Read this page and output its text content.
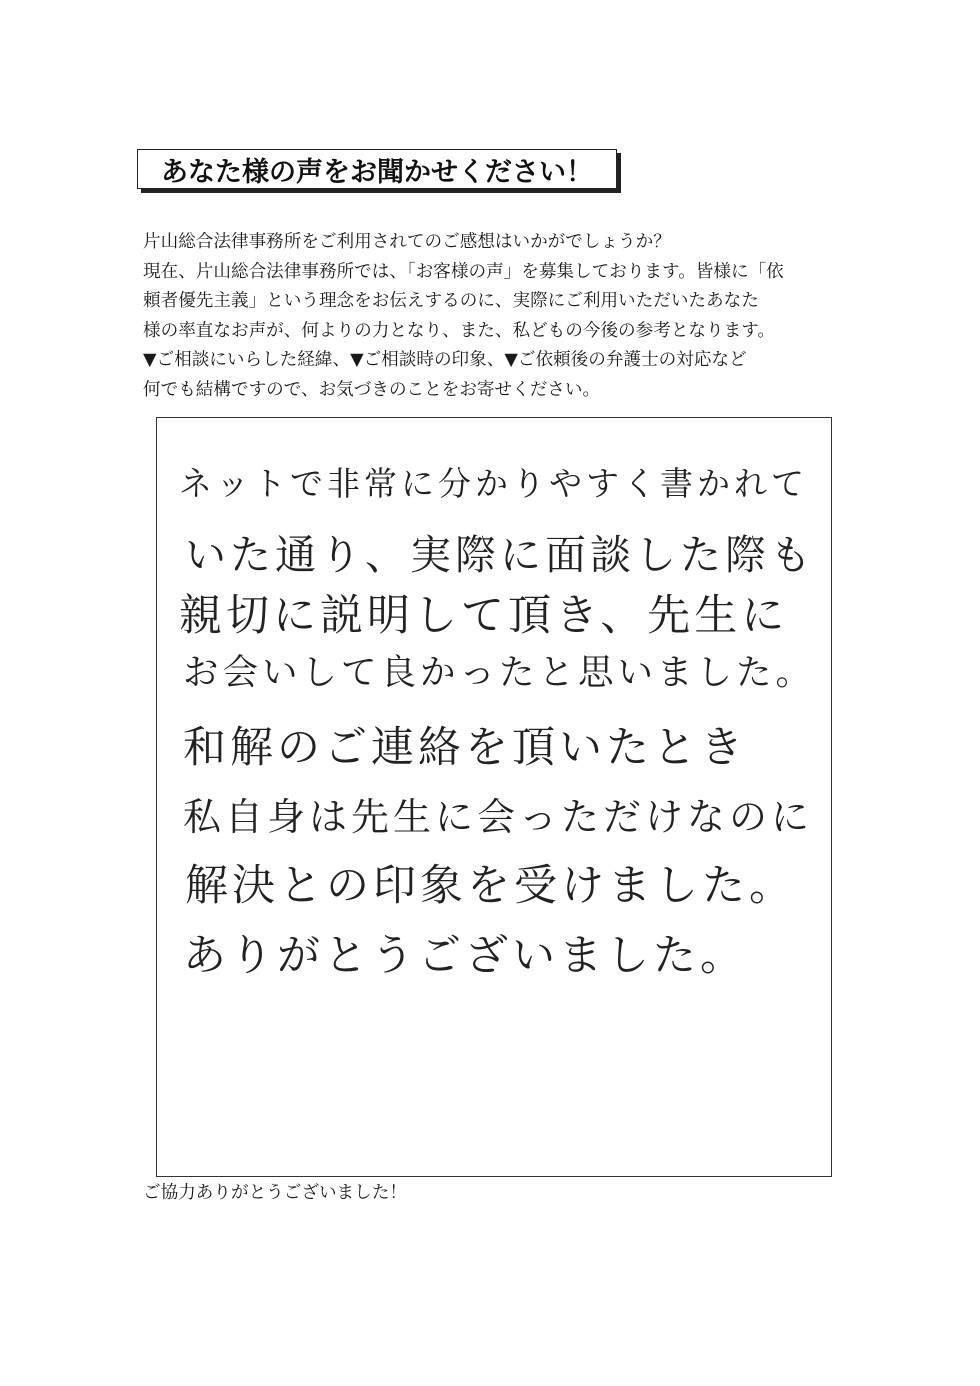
あなた様の声をお聞かせください！
片山総合法律事務所をご利用されてのご感想はいかがでしょうか？
現在、片山総合法律事務所では、「お客様の声」を募集しております。皆様に「依
頼者優先主義」という理念をお伝えするのに、実際にご利用いただいたあなた
様の率直なお声が、何よりの力となり、また、私どもの今後の参考となります。
▼ご相談にいらした経緯、▼ご相談時の印象、▼ご依頼後の弁護士の対応など
何でも結構ですので、お気づきのことをお寄せください。
ネットで非常に分かりやすく書かれて
いた通り、実際に面談した際も
親切に説明して頂き、先生に
お会いして良かったと思いました。
和解のご連絡を頂いたとき
私自身は先生に会っただけなのに
解決との印象を受けました。
ありがとうございました。
ご協力ありがとうございました！
